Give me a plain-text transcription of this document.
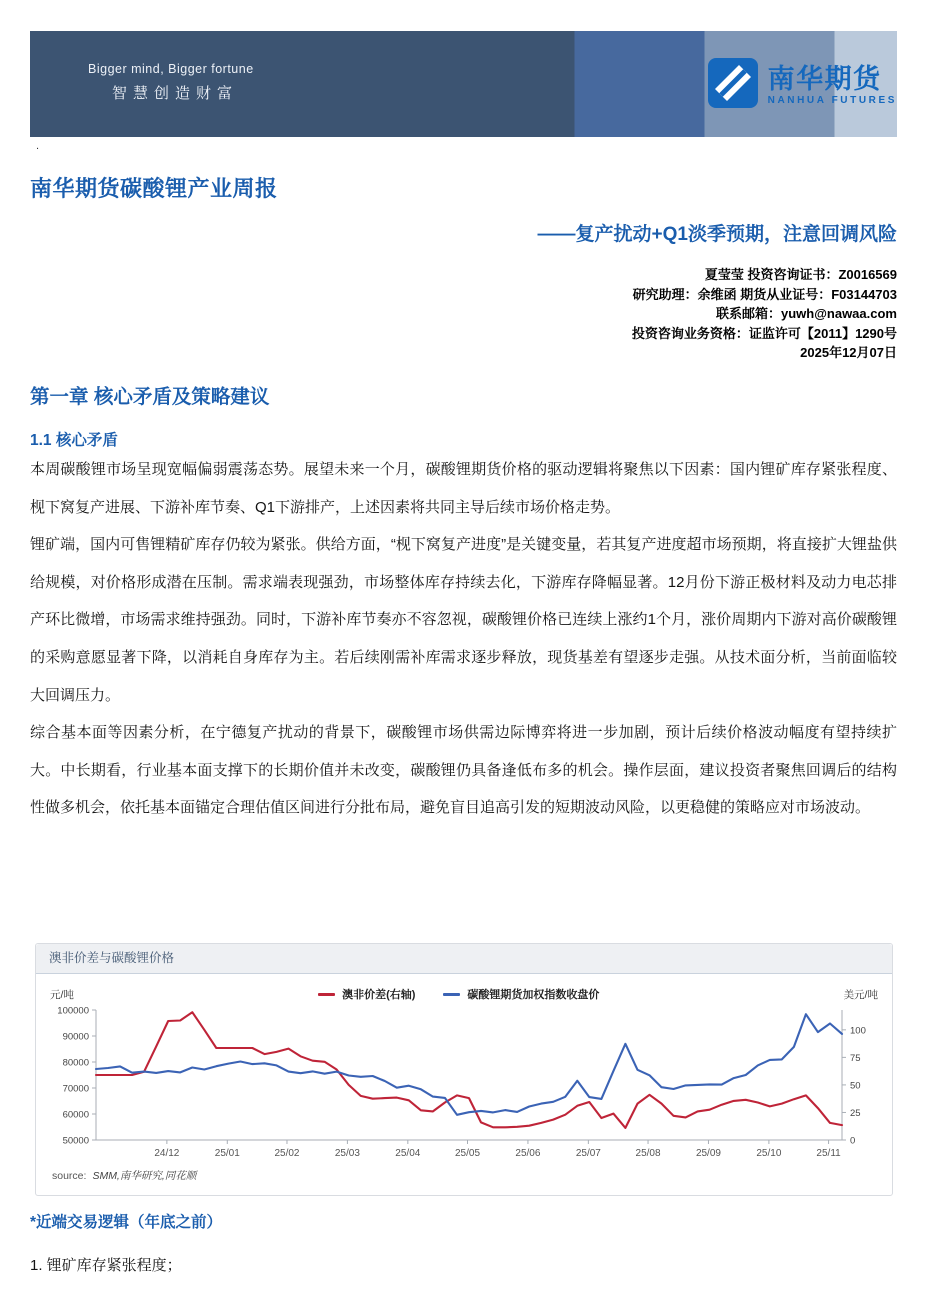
Bigger mind, Bigger fortune
智慧创造财富	南华期货
NANHUA FUTURES
.
南华期货碳酸锂产业周报
——复产扰动+Q1淡季预期，注意回调风险
夏莹莹 投资咨询证书：Z0016569
研究助理：余维函 期货从业证号：F03144703
联系邮箱：yuwh@nawaa.com
投资咨询业务资格：证监许可【2011】1290号
2025年12月07日
第一章 核心矛盾及策略建议
1.1 核心矛盾

本周碳酸锂市场呈现宽幅偏弱震荡态势。展望未来一个月，碳酸锂期货价格的驱动逻辑将聚焦以下因素：国内锂矿库存紧张程度、枧下窝复产进展、下游补库节奏、Q1下游排产，上述因素将共同主导后续市场价格走势。

锂矿端，国内可售锂精矿库存仍较为紧张。供给方面，“枧下窝复产进度”是关键变量，若其复产进度超市场预期，将直接扩大锂盐供给规模，对价格形成潜在压制。需求端表现强劲，市场整体库存持续去化，下游库存降幅显著。12月份下游正极材料及动力电芯排产环比微增，市场需求维持强劲。同时，下游补库节奏亦不容忽视，碳酸锂价格已连续上涨约1个月，涨价周期内下游对高价碳酸锂的采购意愿显著下降，以消耗自身库存为主。若后续刚需补库需求逐步释放，现货基差有望逐步走强。从技术面分析，当前面临较大回调压力。

综合基本面等因素分析，在宁德复产扰动的背景下，碳酸锂市场供需边际博弈将进一步加剧，预计后续价格波动幅度有望持续扩大。中长期看，行业基本面支撑下的长期价值并未改变，碳酸锂仍具备逢低布多的机会。操作层面，建议投资者聚焦回调后的结构性做多机会，依托基本面锚定合理估值区间进行分批布局，避免盲目追高引发的短期波动风险，以更稳健的策略应对市场波动。

澳非价差与碳酸锂价格
元/吨	澳非价差(右轴)	碳酸锂期货加权指数收盘价	美元/吨
50000
60000
70000
80000
90000
100000
0
25
50
75
100
24/12	25/01	25/02	25/03	25/04	25/05	25/06	25/07	25/08	25/09	25/10	25/11
source: SMM,南华研究,同花顺
*近端交易逻辑（年底之前）
1. 锂矿库存紧张程度；
